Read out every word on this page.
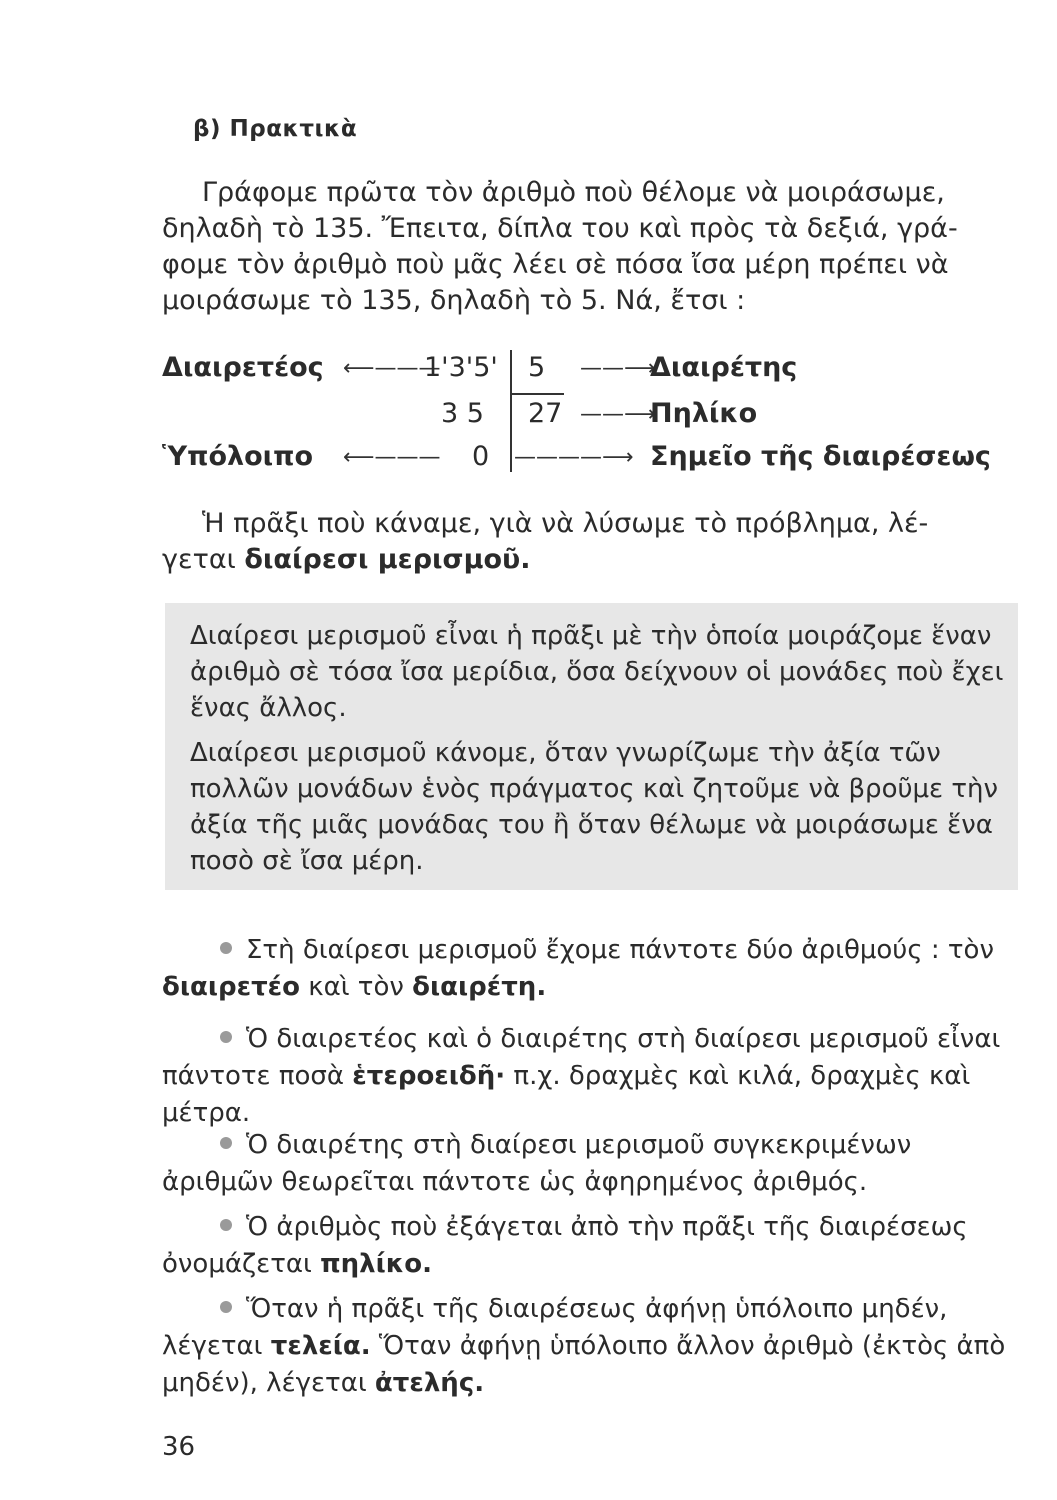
β) Πρακτικὰ
Γράφομε πρῶτα τὸν ἀριθμὸ ποὺ θέλομε νὰ μοιράσωμε,
δηλαδὴ τὸ 135. Ἔπειτα, δίπλα του καὶ πρὸς τὰ δεξιά, γρά-
φομε τὸν ἀριθμὸ ποὺ μᾶς λέει σὲ πόσα ἴσα μέρη πρέπει νὰ
μοιράσωμε τὸ 135, δηλαδὴ τὸ 5. Νά, ἔτσι :
Διαιρετέος ⟵———
1'3'5' 5 ——⟶
Διαιρέτης
3 5 27 ——⟶
Πηλίκο
Ὑπόλοιπο ⟵——— 0 ————⟶ Σημεῖο τῆς διαιρέσεως
Ἡ πρᾶξι ποὺ κάναμε, γιὰ νὰ λύσωμε τὸ πρόβλημα, λέ-
γεται διαίρεσι μερισμοῦ.
Διαίρεσι μερισμοῦ εἶναι ἡ πρᾶξι μὲ τὴν ὁποία μοιράζομε ἕναν ἀριθμὸ σὲ τόσα ἴσα μερίδια, ὅσα δείχνουν οἱ μονάδες ποὺ ἔχει ἕνας ἄλλος.
Διαίρεσι μερισμοῦ κάνομε, ὅταν γνωρίζωμε τὴν ἀξία τῶν πολλῶν μονάδων ἑνὸς πράγματος καὶ ζητοῦμε νὰ βροῦμε τὴν ἀξία τῆς μιᾶς μονάδας του ἢ ὅταν θέλωμε νὰ μοιράσωμε ἕνα ποσὸ σὲ ἴσα μέρη.
Στὴ διαίρεσι μερισμοῦ ἔχομε πάντοτε δύο ἀριθμούς : τὸν διαιρετέο καὶ τὸν διαιρέτη.
Ὁ διαιρετέος καὶ ὁ διαιρέτης στὴ διαίρεσι μερισμοῦ εἶναι πάντοτε ποσὰ ἑτεροειδῆ· π.χ. δραχμὲς καὶ κιλά, δραχμὲς καὶ μέτρα.
Ὁ διαιρέτης στὴ διαίρεσι μερισμοῦ συγκεκριμένων ἀριθμῶν θεωρεῖται πάντοτε ὡς ἀφηρημένος ἀριθμός.
Ὁ ἀριθμὸς ποὺ ἐξάγεται ἀπὸ τὴν πρᾶξι τῆς διαιρέσεως ὀνομάζεται πηλίκο.
Ὅταν ἡ πρᾶξι τῆς διαιρέσεως ἀφήνῃ ὑπόλοιπο μηδέν, λέγεται τελεία. Ὅταν ἀφήνῃ ὑπόλοιπο ἄλλον ἀριθμὸ (ἐκτὸς ἀπὸ μηδέν), λέγεται ἀτελής.
36
